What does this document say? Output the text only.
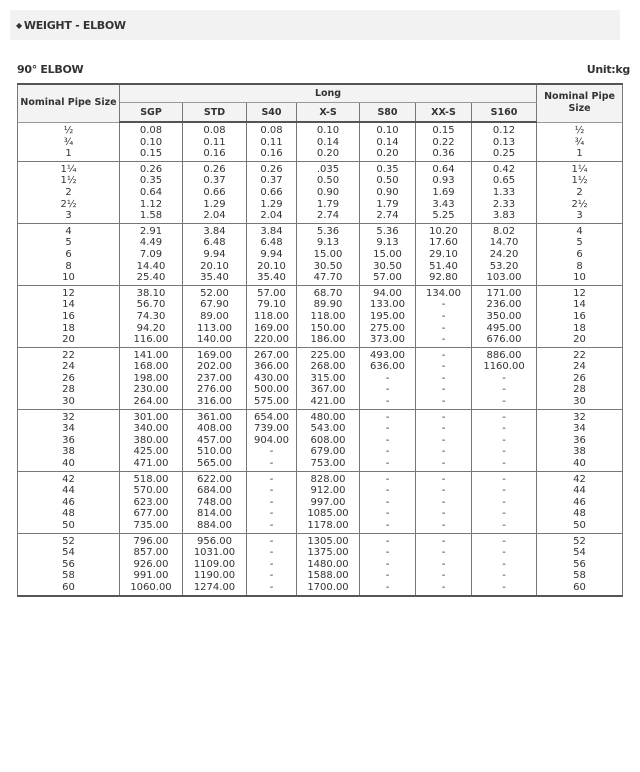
◆ WEIGHT - ELBOW
90° ELBOW	Unit:kg
Nominal Pipe Size	Long							Nominal Pipe Size
	SGP	STD	S40	X-S	S80	XX-S	S160	
½	0.08	0.08	0.08	0.10	0.10	0.15	0.12	½
¾	0.10	0.11	0.11	0.14	0.14	0.22	0.13	¾
1	0.15	0.16	0.16	0.20	0.20	0.36	0.25	1
1¼	0.26	0.26	0.26	.035	0.35	0.64	0.42	1¼
1½	0.35	0.37	0.37	0.50	0.50	0.93	0.65	1½
2	0.64	0.66	0.66	0.90	0.90	1.69	1.33	2
2½	1.12	1.29	1.29	1.79	1.79	3.43	2.33	2½
3	1.58	2.04	2.04	2.74	2.74	5.25	3.83	3
4	2.91	3.84	3.84	5.36	5.36	10.20	8.02	4
5	4.49	6.48	6.48	9.13	9.13	17.60	14.70	5
6	7.09	9.94	9.94	15.00	15.00	29.10	24.20	6
8	14.40	20.10	20.10	30.50	30.50	51.40	53.20	8
10	25.40	35.40	35.40	47.70	57.00	92.80	103.00	10
12	38.10	52.00	57.00	68.70	94.00	134.00	171.00	12
14	56.70	67.90	79.10	89.90	133.00	-	236.00	14
16	74.30	89.00	118.00	118.00	195.00	-	350.00	16
18	94.20	113.00	169.00	150.00	275.00	-	495.00	18
20	116.00	140.00	220.00	186.00	373.00	-	676.00	20
22	141.00	169.00	267.00	225.00	493.00	-	886.00	22
24	168.00	202.00	366.00	268.00	636.00	-	1160.00	24
26	198.00	237.00	430.00	315.00	-	-	-	26
28	230.00	276.00	500.00	367.00	-	-	-	28
30	264.00	316.00	575.00	421.00	-	-	-	30
32	301.00	361.00	654.00	480.00	-	-	-	32
34	340.00	408.00	739.00	543.00	-	-	-	34
36	380.00	457.00	904.00	608.00	-	-	-	36
38	425.00	510.00	-	679.00	-	-	-	38
40	471.00	565.00	-	753.00	-	-	-	40
42	518.00	622.00	-	828.00	-	-	-	42
44	570.00	684.00	-	912.00	-	-	-	44
46	623.00	748.00	-	997.00	-	-	-	46
48	677.00	814.00	-	1085.00	-	-	-	48
50	735.00	884.00	-	1178.00	-	-	-	50
52	796.00	956.00	-	1305.00	-	-	-	52
54	857.00	1031.00	-	1375.00	-	-	-	54
56	926.00	1109.00	-	1480.00	-	-	-	56
58	991.00	1190.00	-	1588.00	-	-	-	58
60	1060.00	1274.00	-	1700.00	-	-	-	60
